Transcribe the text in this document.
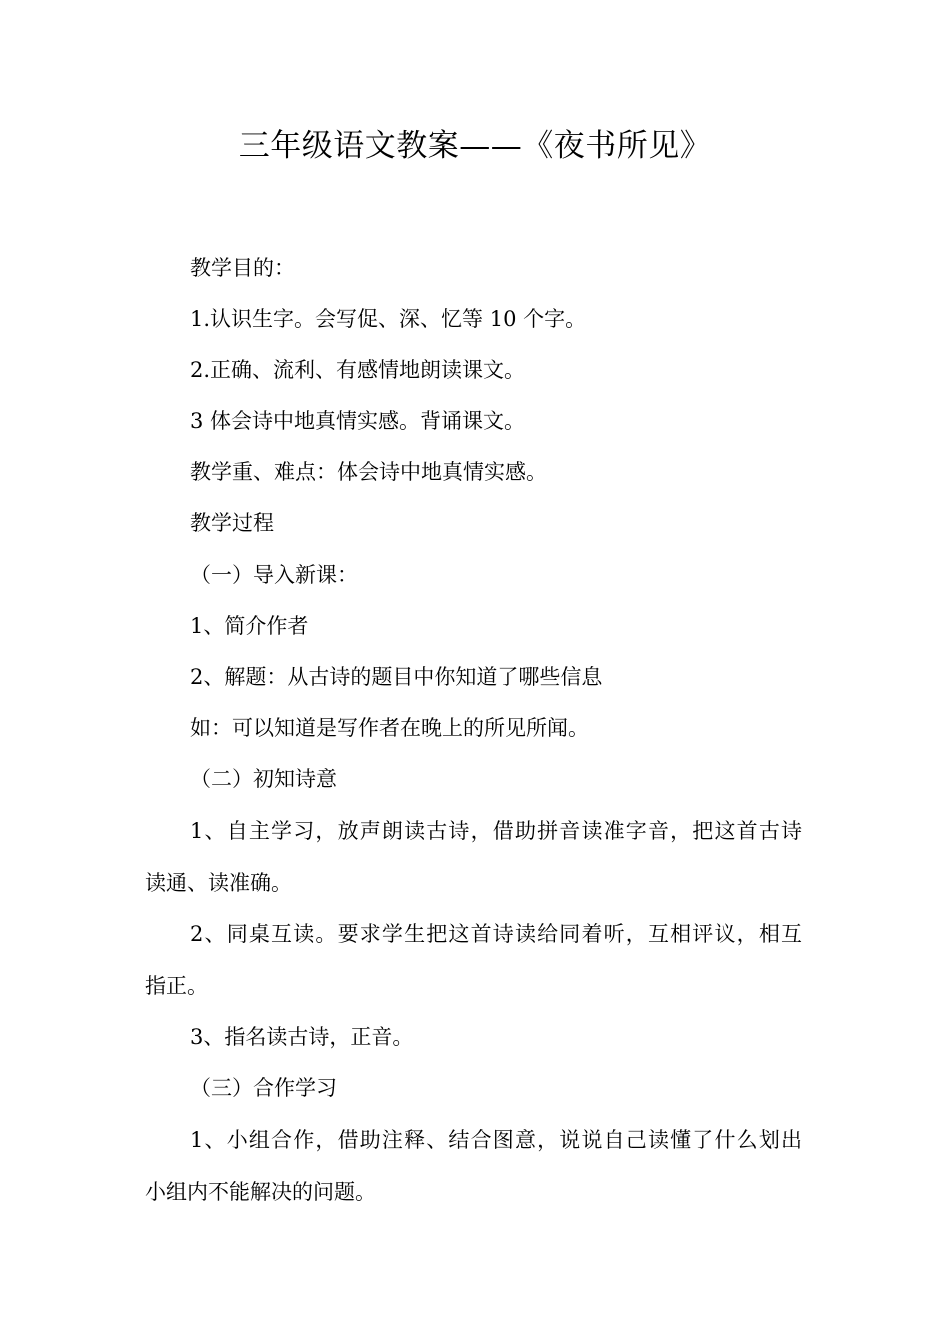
三年级语文教案——《夜书所见》
教学目的：
1.认识生字。会写促、深、忆等 10 个字。
2.正确、流利、有感情地朗读课文。
3 体会诗中地真情实感。背诵课文。
教学重、难点：体会诗中地真情实感。
教学过程
（一）导入新课：
1、简介作者
2、解题：从古诗的题目中你知道了哪些信息
如：可以知道是写作者在晚上的所见所闻。
（二）初知诗意
1、自主学习，放声朗读古诗，借助拼音读准字音，把这首古诗
读通、读准确。
2、同桌互读。要求学生把这首诗读给同着听，互相评议，相互
指正。
3、指名读古诗，正音。
（三）合作学习
1、小组合作，借助注释、结合图意，说说自己读懂了什么划出
小组内不能解决的问题。
